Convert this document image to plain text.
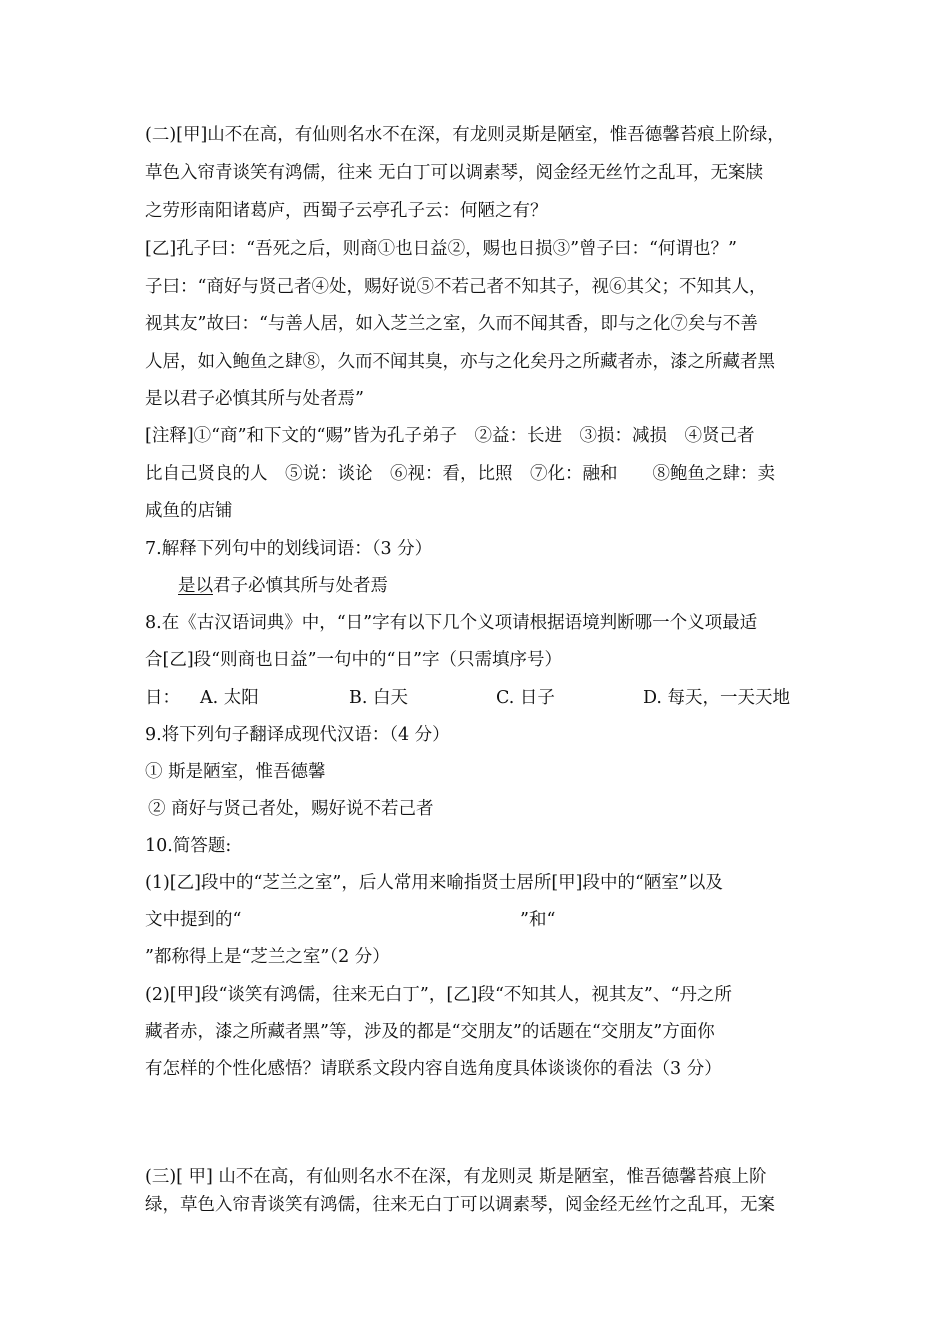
(二)[甲]山不在高，有仙则名水不在深，有龙则灵斯是陋室，惟吾德馨苔痕上阶绿，
草色入帘青谈笑有鸿儒，往来 无白丁可以调素琴，阅金经无丝竹之乱耳，无案牍
之劳形南阳诸葛庐，西蜀子云亭孔子云：何陋之有？
[乙]孔子曰：“吾死之后，则商①也日益②，赐也日损③”曾子曰：“何谓也？”
子曰：“商好与贤己者④处，赐好说⑤不若己者不知其子，视⑥其父；不知其人，
视其友”故曰：“与善人居，如入芝兰之室，久而不闻其香，即与之化⑦矣与不善
人居，如入鲍鱼之肆⑧，久而不闻其臭，亦与之化矣丹之所藏者赤，漆之所藏者黑
是以君子必慎其所与处者焉”
[注释]①“商”和下文的“赐”皆为孔子弟子　②益：长进　③损：减损　④贤己者
比自己贤良的人　⑤说：谈论　⑥视：看，比照　⑦化：融和　　⑧鲍鱼之肆：卖
咸鱼的店铺
7.解释下列句中的划线词语：（3 分）
是以君子必慎其所与处者焉
8.在《古汉语词典》中，“日”字有以下几个义项请根据语境判断哪一个义项最适
合[乙]段“则商也日益”一句中的“日”字（只需填序号）
日： A. 太阳	B. 白天	C. 日子	D. 每天，一天天地
9.将下列句子翻译成现代汉语：（4 分）
① 斯是陋室，惟吾德馨
② 商好与贤己者处，赐好说不若己者
10.简答题:
(1)[乙]段中的“芝兰之室”，后人常用来喻指贤士居所[甲]段中的“陋室”以及
文中提到的“	”和“
”都称得上是“芝兰之室”（2 分）
(2)[甲]段“谈笑有鸿儒，往来无白丁”，[乙]段“不知其人，视其友”、“丹之所
藏者赤，漆之所藏者黑”等，涉及的都是“交朋友”的话题在“交朋友”方面你
有怎样的个性化感悟？请联系文段内容自选角度具体谈谈你的看法（3 分）
(三)[ 甲] 山不在高，有仙则名水不在深，有龙则灵 斯是陋室，惟吾德馨苔痕上阶
绿，草色入帘青谈笑有鸿儒，往来无白丁可以调素琴，阅金经无丝竹之乱耳，无案
